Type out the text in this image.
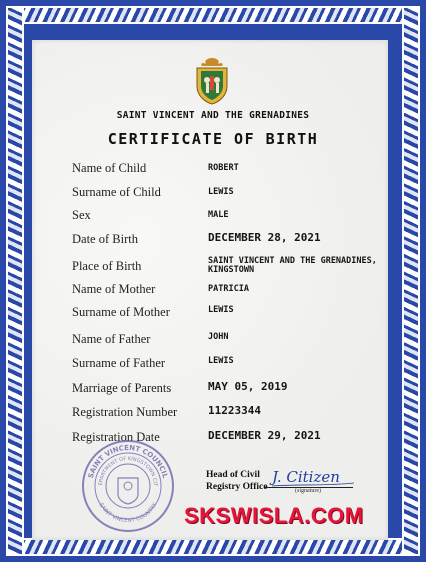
SAINT VINCENT AND THE GRENADINES
CERTIFICATE OF BIRTH
Name of Child	ROBERT
Surname of Child	LEWIS
Sex	MALE
Date of Birth	DECEMBER 28, 2021
Place of Birth	SAINT VINCENT AND THE GRENADINES,
KINGSTOWN
Name of Mother	PATRICIA
Surname of Mother	LEWIS
Name of Father	JOHN
Surname of Father	LEWIS
Marriage of Parents	MAY 05, 2019
Registration Number	11223344
Registration Date	DECEMBER 29, 2021
SAINT VINCENT COUNCIL
EPARTMENT OF KINGSTOWN CIT
SAINT VINCENT COUNTRY
Head of Civil
Registry Office
J. Citizen
(signature)
SKSWISLA.COM
